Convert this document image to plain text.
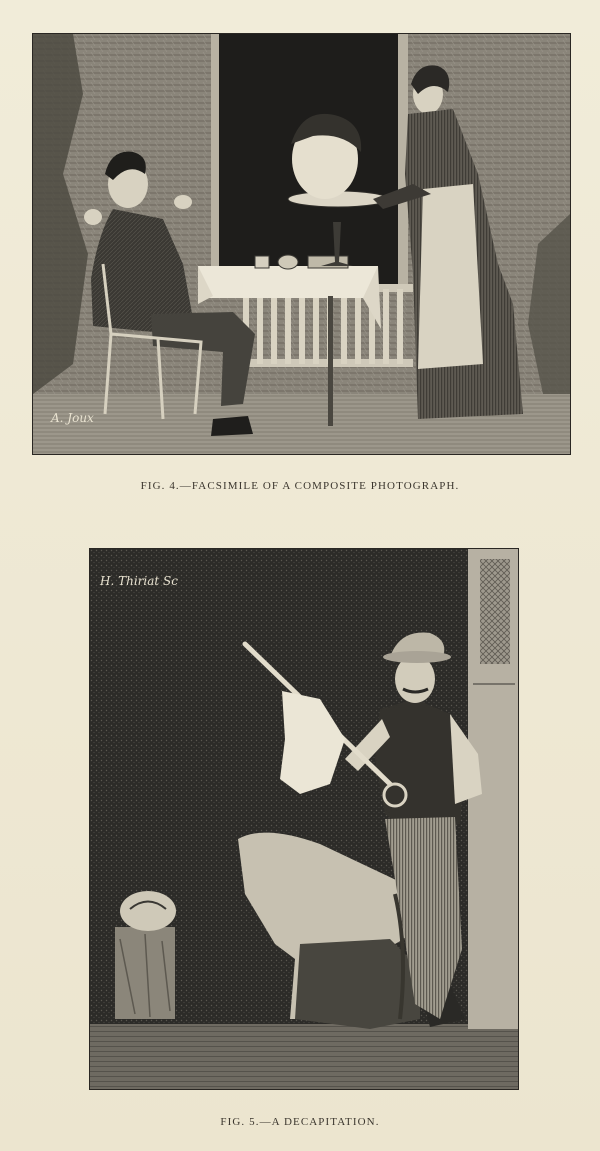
A. Joux
FIG. 4.—FACSIMILE OF A COMPOSITE PHOTOGRAPH.
H. Thiriat Sc
FIG. 5.—A DECAPITATION.
